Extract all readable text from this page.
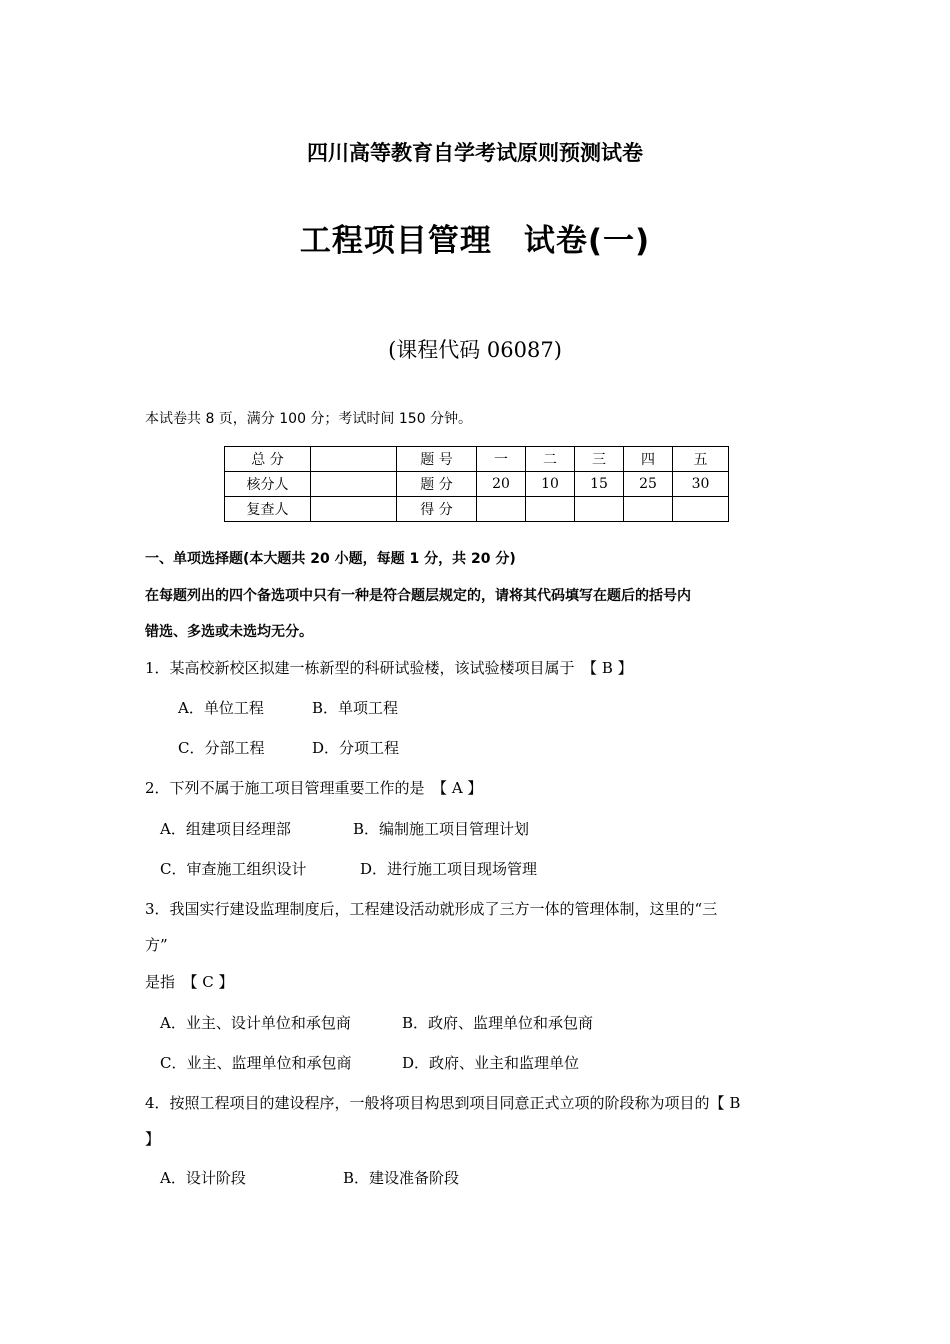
四川高等教育自学考试原则预测试卷
工程项目管理　试卷(一)
(课程代码 06087)
本试卷共 8 页，满分 100 分；考试时间 150 分钟。
总 分		题 号	一	二	三	四	五
核分人		题 分	20	10	15	25	30
复查人		得 分					
一、单项选择题(本大题共 20 小题，每题 1 分，共 20 分)
在每题列出的四个备选项中只有一种是符合题层规定的，请将其代码填写在题后的括号内
错选、多选或未选均无分。
1．某高校新校区拟建一栋新型的科研试验楼，该试验楼项目属于　【 B 】
A．单位工程	B．单项工程
C．分部工程	D．分项工程
2．下列不属于施工项目管理重要工作的是　【 A 】
A．组建项目经理部	B．编制施工项目管理计划
C．审查施工组织设计	D．进行施工项目现场管理
3．我国实行建设监理制度后，工程建设活动就形成了三方一体的管理体制，这里的“三
方”
是指　【 C 】
A．业主、设计单位和承包商	B．政府、监理单位和承包商
C．业主、监理单位和承包商	D．政府、业主和监理单位
4．按照工程项目的建设程序，一般将项目构思到项目同意正式立项的阶段称为项目的【 B
】
A．设计阶段	B．建设准备阶段
